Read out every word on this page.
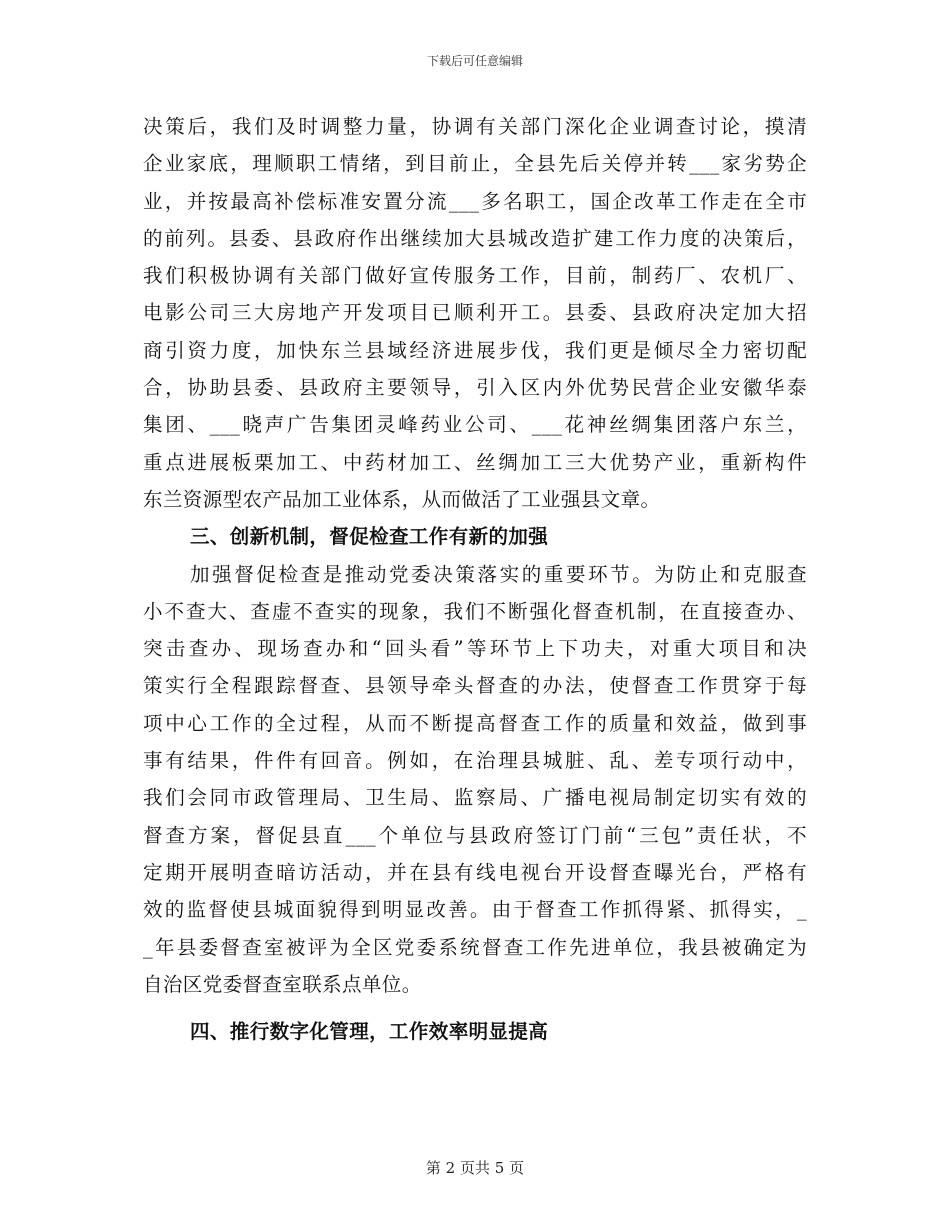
下载后可任意编辑
决策后，我们及时调整力量，协调有关部门深化企业调查讨论，摸清
企业家底，理顺职工情绪，到目前止，全县先后关停并转___家劣势企
业，并按最高补偿标准安置分流___多名职工，国企改革工作走在全市
的前列。县委、县政府作出继续加大县城改造扩建工作力度的决策后，
我们积极协调有关部门做好宣传服务工作，目前，制药厂、农机厂、
电影公司三大房地产开发项目已顺利开工。县委、县政府决定加大招
商引资力度，加快东兰县域经济进展步伐，我们更是倾尽全力密切配
合，协助县委、县政府主要领导，引入区内外优势民营企业安徽华泰
集团、___晓声广告集团灵峰药业公司、___花神丝绸集团落户东兰，
重点进展板栗加工、中药材加工、丝绸加工三大优势产业，重新构件
东兰资源型农产品加工业体系，从而做活了工业强县文章。
三、创新机制，督促检查工作有新的加强
加强督促检查是推动党委决策落实的重要环节。为防止和克服查
小不查大、查虚不查实的现象，我们不断强化督查机制，在直接查办、
突击查办、现场查办和“回头看”等环节上下功夫，对重大项目和决
策实行全程跟踪督查、县领导牵头督查的办法，使督查工作贯穿于每
项中心工作的全过程，从而不断提高督查工作的质量和效益，做到事
事有结果，件件有回音。例如，在治理县城脏、乱、差专项行动中，
我们会同市政管理局、卫生局、监察局、广播电视局制定切实有效的
督查方案，督促县直___个单位与县政府签订门前“三包”责任状，不
定期开展明查暗访活动，并在县有线电视台开设督查曝光台，严格有
效的监督使县城面貌得到明显改善。由于督查工作抓得紧、抓得实，_
_年县委督查室被评为全区党委系统督查工作先进单位，我县被确定为
自治区党委督查室联系点单位。
四、推行数字化管理，工作效率明显提高
第 2 页共 5 页
